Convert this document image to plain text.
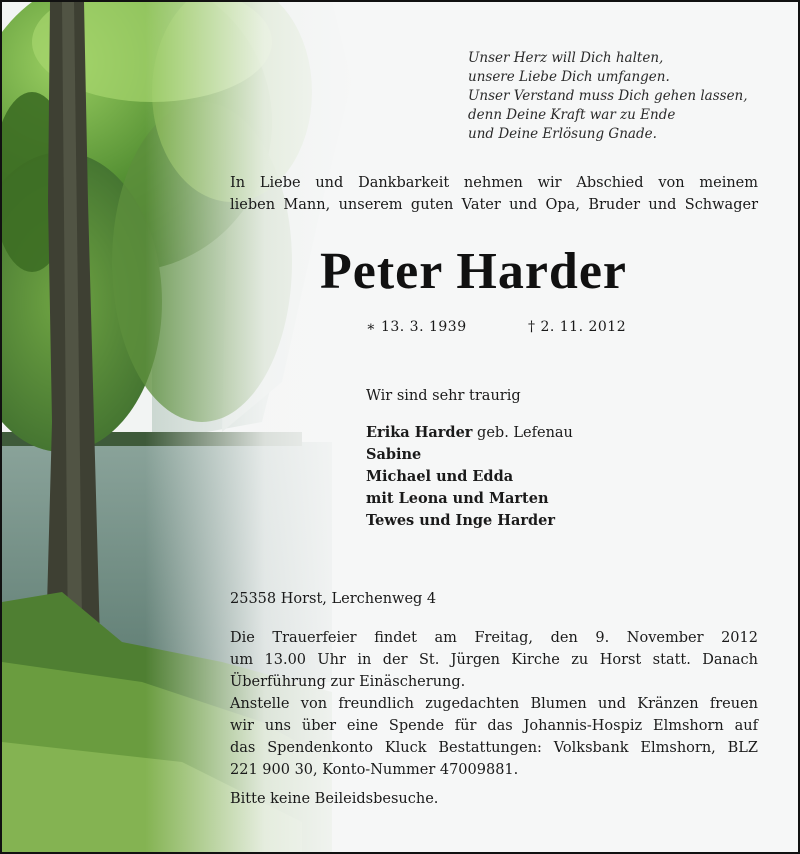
Unser Herz will Dich halten,
unsere Liebe Dich umfangen.
Unser Verstand muss Dich gehen lassen,
denn Deine Kraft war zu Ende
und Deine Erlösung Gnade.
In Liebe und Dankbarkeit nehmen wir Abschied von meinem
lieben Mann, unserem guten Vater und Opa, Bruder und Schwager
Peter Harder
∗ 13. 3. 1939	† 2. 11. 2012
Wir sind sehr traurig
Erika Harder geb. Lefenau
Sabine
Michael und Edda
mit Leona und Marten
Tewes und Inge Harder
25358 Horst, Lerchenweg 4
Die Trauerfeier findet am Freitag, den 9. November 2012
um 13.00 Uhr in der St. Jürgen Kirche zu Horst statt. Danach
Überführung zur Einäscherung.
Anstelle von freundlich zugedachten Blumen und Kränzen freuen
wir uns über eine Spende für das Johannis-Hospiz Elmshorn auf
das Spendenkonto Kluck Bestattungen: Volksbank Elmshorn, BLZ
221 900 30, Konto-Nummer 47009881.
Bitte keine Beileidsbesuche.
